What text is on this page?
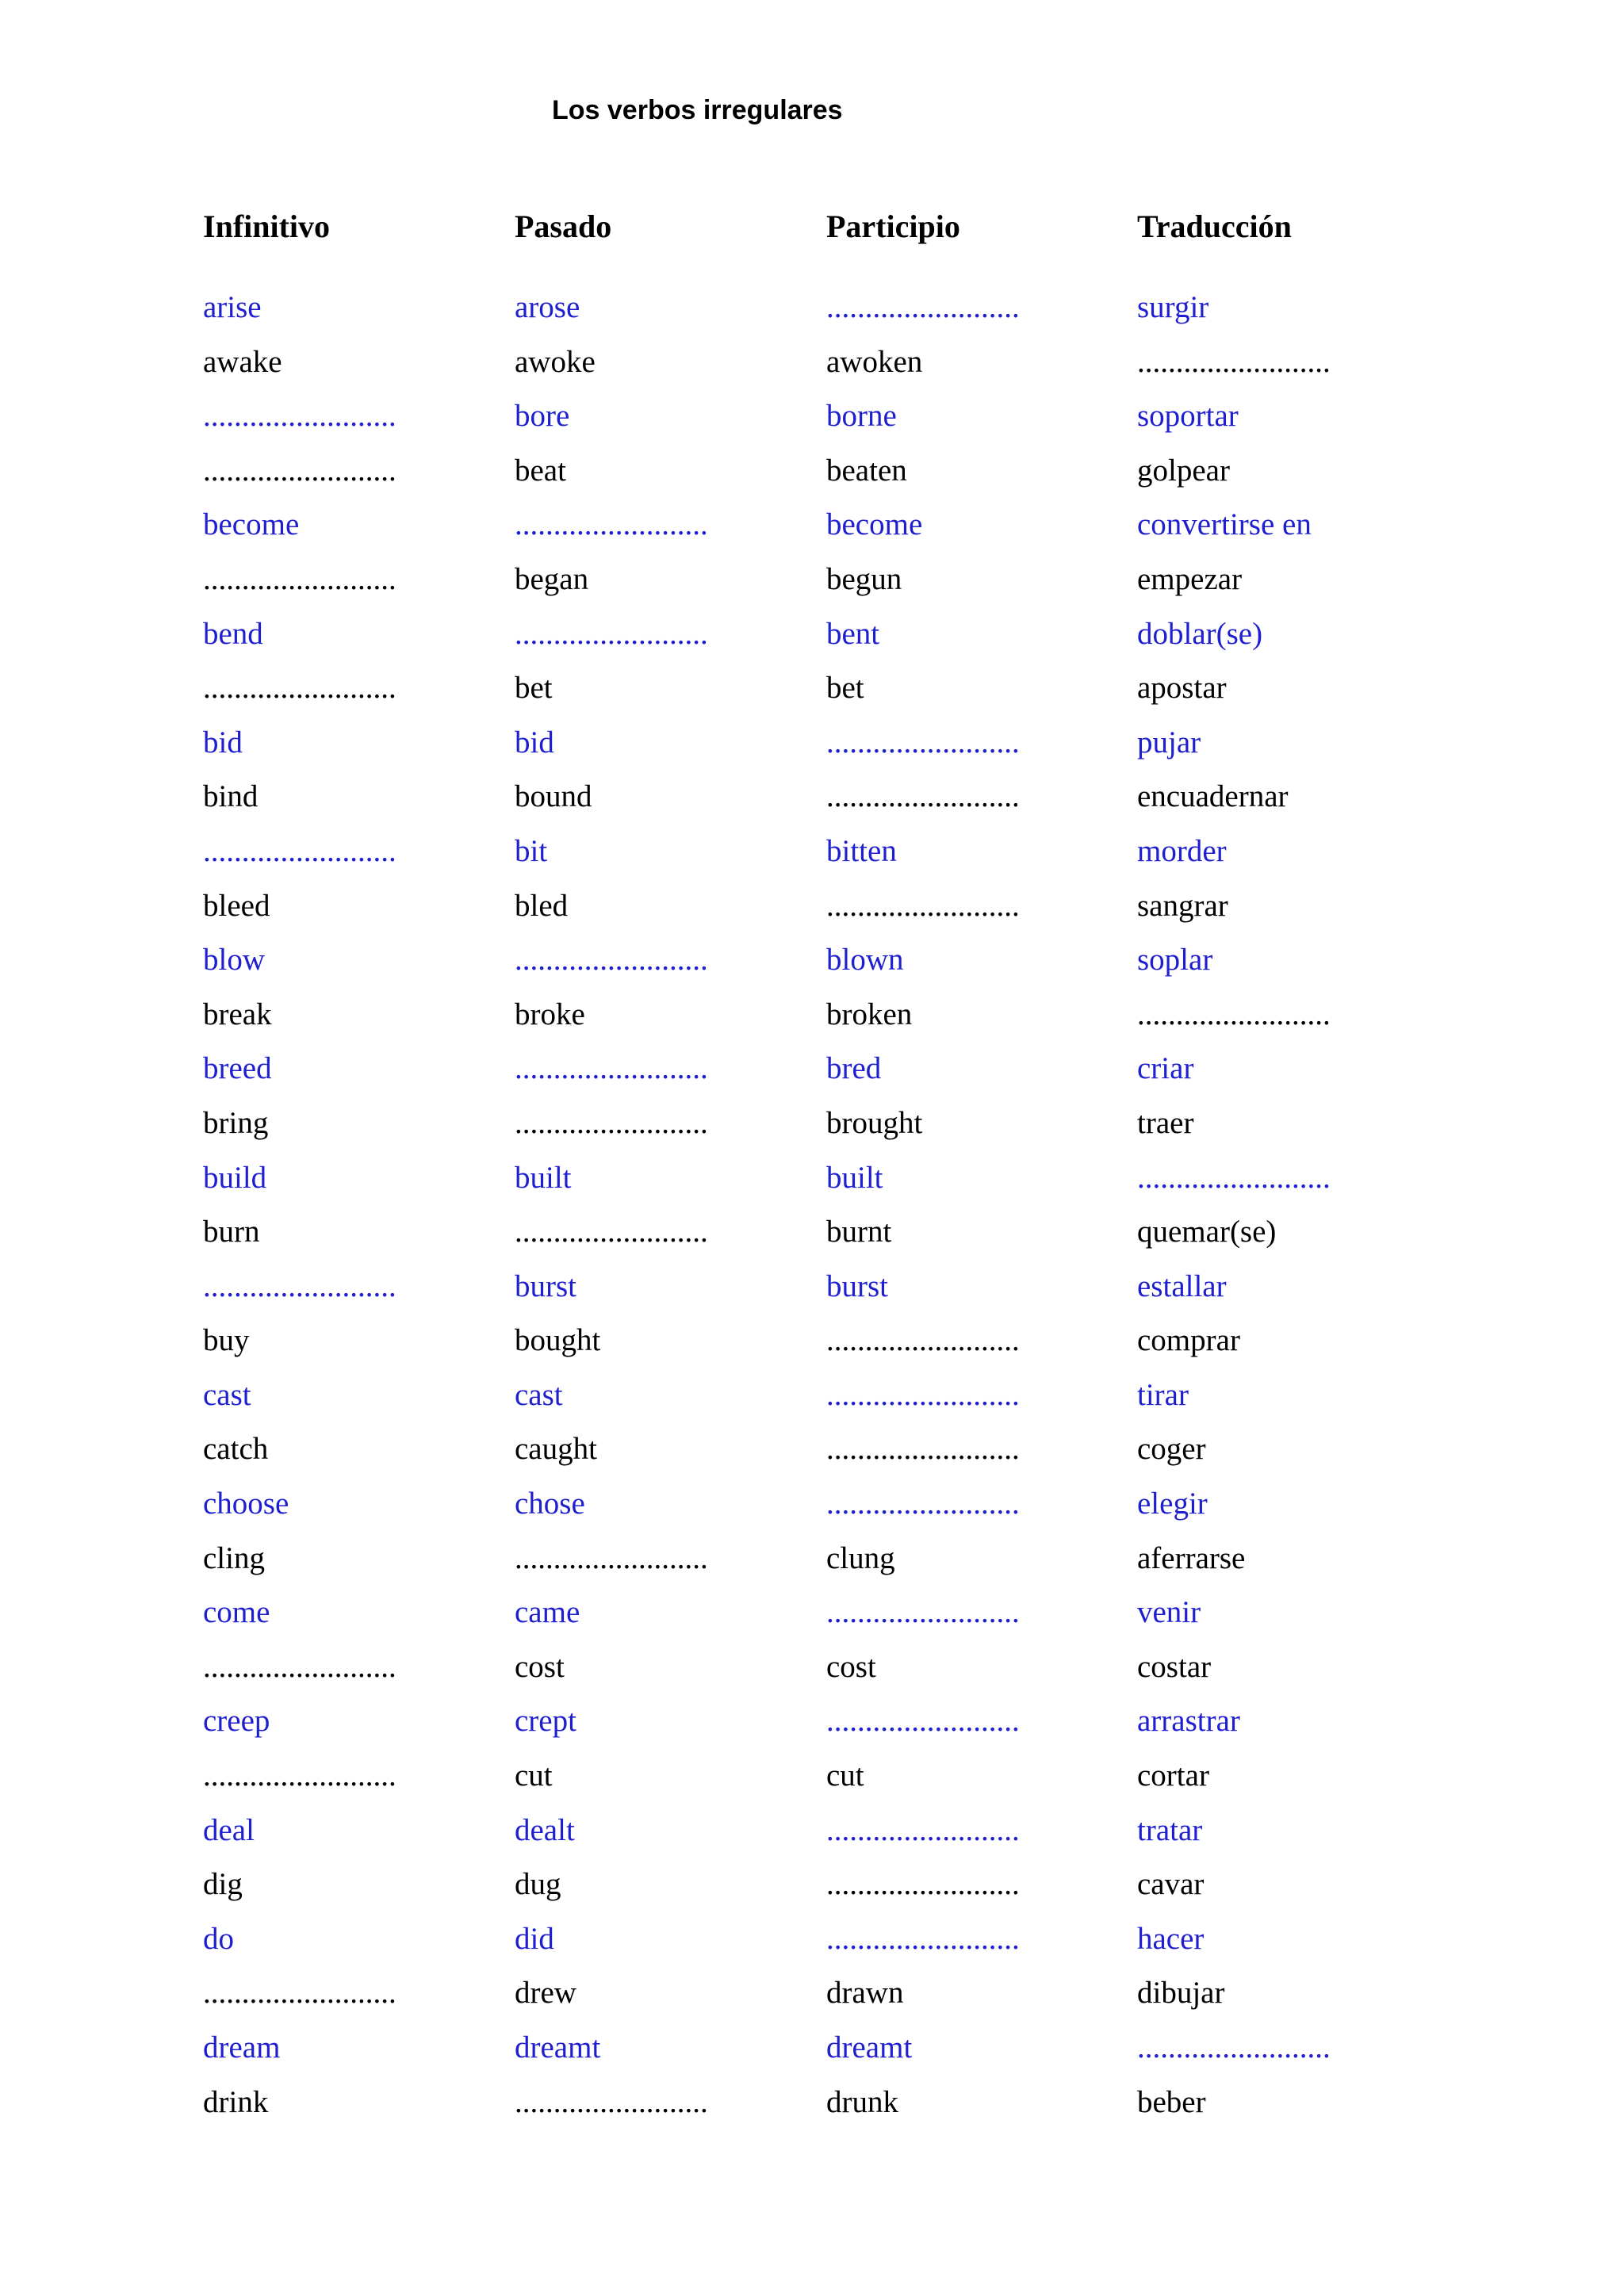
Los verbos irregulares
Infinitivo	Pasado	Participio	Traducción
arise	arose	.........................	surgir
awake	awoke	awoken	.........................
.........................	bore	borne	soportar
.........................	beat	beaten	golpear
become	.........................	become	convertirse en
.........................	began	begun	empezar
bend	.........................	bent	doblar(se)
.........................	bet	bet	apostar
bid	bid	.........................	pujar
bind	bound	.........................	encuadernar
.........................	bit	bitten	morder
bleed	bled	.........................	sangrar
blow	.........................	blown	soplar
break	broke	broken	.........................
breed	.........................	bred	criar
bring	.........................	brought	traer
build	built	built	.........................
burn	.........................	burnt	quemar(se)
.........................	burst	burst	estallar
buy	bought	.........................	comprar
cast	cast	.........................	tirar
catch	caught	.........................	coger
choose	chose	.........................	elegir
cling	.........................	clung	aferrarse
come	came	.........................	venir
.........................	cost	cost	costar
creep	crept	.........................	arrastrar
.........................	cut	cut	cortar
deal	dealt	.........................	tratar
dig	dug	.........................	cavar
do	did	.........................	hacer
.........................	drew	drawn	dibujar
dream	dreamt	dreamt	.........................
drink	.........................	drunk	beber
